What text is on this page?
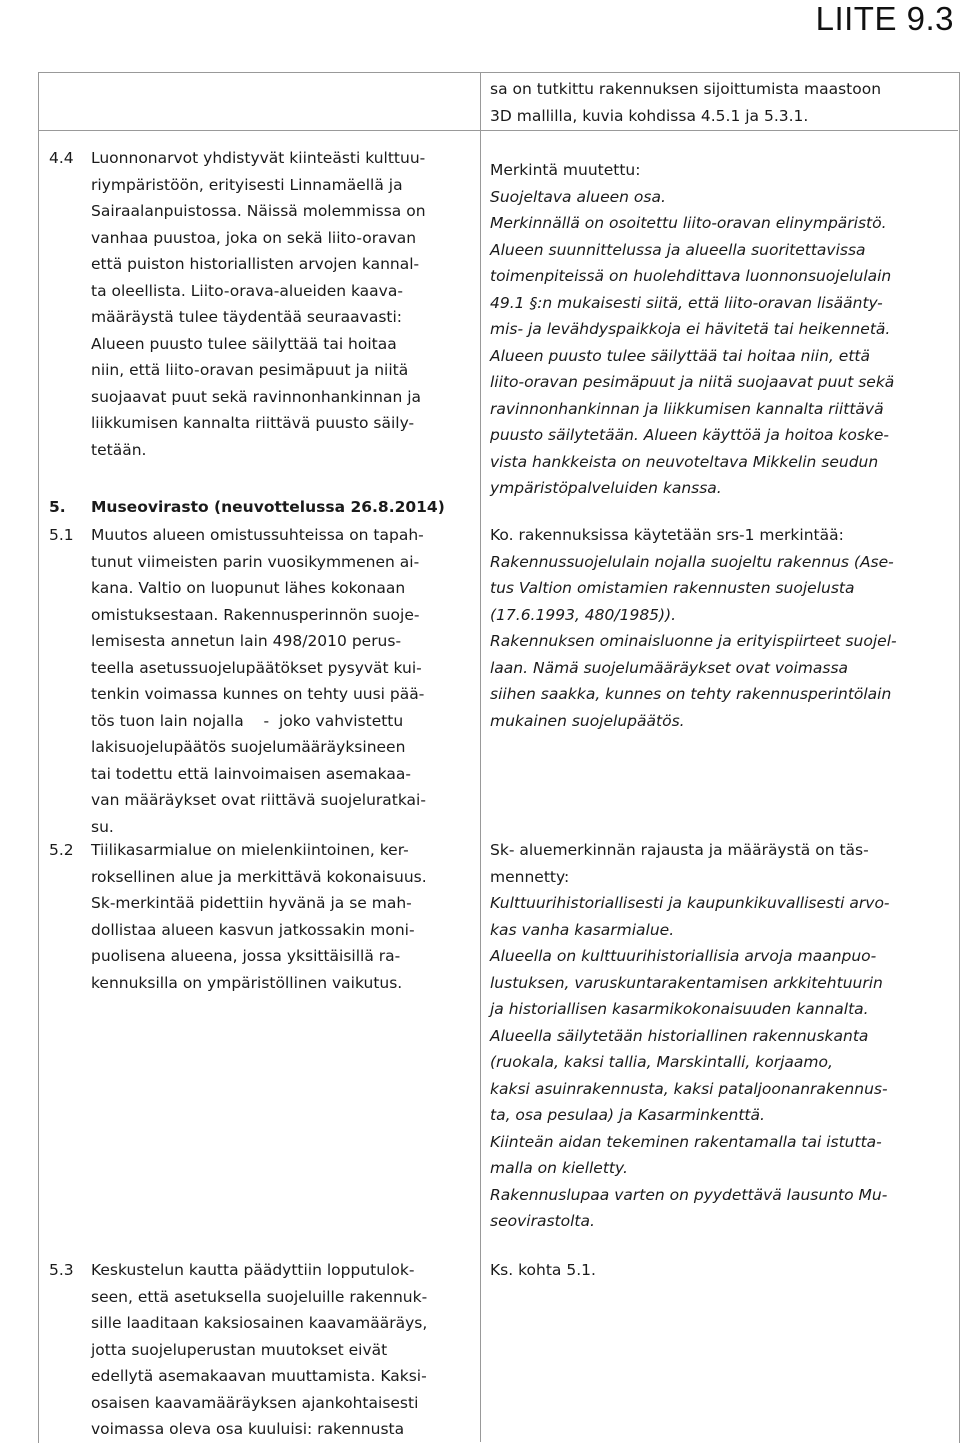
LIITE 9.3
sa on tutkittu rakennuksen sijoittumista maastoon
3D mallilla, kuvia kohdissa 4.5.1 ja 5.3.1.
4.4 Luonnonarvot yhdistyvät kiinteästi kulttuu-
riympäristöön, erityisesti Linnamäellä ja
Sairaalanpuistossa. Näissä molemmissa on
vanhaa puustoa, joka on sekä liito-oravan
että puiston historiallisten arvojen kannal-
ta oleellista. Liito-orava-alueiden kaava-
määräystä tulee täydentää seuraavasti:
Alueen puusto tulee säilyttää tai hoitaa
niin, että liito-oravan pesimäpuut ja niitä
suojaavat puut sekä ravinnonhankinnan ja
liikkumisen kannalta riittävä puusto säily-
tetään.
Merkintä muutettu:
Suojeltava alueen osa.
Merkinnällä on osoitettu liito-oravan elinympäristö.
Alueen suunnittelussa ja alueella suoritettavissa
toimenpiteissä on huolehdittava luonnonsuojelulain
49.1 §:n mukaisesti siitä, että liito-oravan lisäänty-
mis- ja levähdyspaikkoja ei hävitetä tai heikennetä.
Alueen puusto tulee säilyttää tai hoitaa niin, että
liito-oravan pesimäpuut ja niitä suojaavat puut sekä
ravinnonhankinnan ja liikkumisen kannalta riittävä
puusto säilytetään. Alueen käyttöä ja hoitoa koske-
vista hankkeista on neuvoteltava Mikkelin seudun
ympäristöpalveluiden kanssa.
5. Museovirasto (neuvottelussa 26.8.2014)
5.1 Muutos alueen omistussuhteissa on tapah-
tunut viimeisten parin vuosikymmenen ai-
kana. Valtio on luopunut lähes kokonaan
omistuksestaan. Rakennusperinnön suoje-
lemisesta annetun lain 498/2010 perus-
teella asetussuojelupäätökset pysyvät kui-
tenkin voimassa kunnes on tehty uusi pää-
tös tuon lain nojalla    -  joko vahvistettu
lakisuojelupäätös suojelumääräyksineen
tai todettu että lainvoimaisen asemakaa-
van määräykset ovat riittävä suojeluratkai-
su.
Ko. rakennuksissa käytetään srs-1 merkintää:
Rakennussuojelulain nojalla suojeltu rakennus (Ase-
tus Valtion omistamien rakennusten suojelusta
(17.6.1993, 480/1985)).
Rakennuksen ominaisluonne ja erityispiirteet suojel-
laan. Nämä suojelumääräykset ovat voimassa
siihen saakka, kunnes on tehty rakennusperintölain
mukainen suojelupäätös.
5.2 Tiilikasarmialue on mielenkiintoinen, ker-
roksellinen alue ja merkittävä kokonaisuus.
Sk-merkintää pidettiin hyvänä ja se mah-
dollistaa alueen kasvun jatkossakin moni-
puolisena alueena, jossa yksittäisillä ra-
kennuksilla on ympäristöllinen vaikutus.
Sk- aluemerkinnän rajausta ja määräystä on täs-
mennetty:
Kulttuurihistoriallisesti ja kaupunkikuvallisesti arvo-
kas vanha kasarmialue.
Alueella on kulttuurihistoriallisia arvoja maanpuo-
lustuksen, varuskuntarakentamisen arkkitehtuurin
ja historiallisen kasarmikokonaisuuden kannalta.
Alueella säilytetään historiallinen rakennuskanta
(ruokala, kaksi tallia, Marskintalli, korjaamo,
kaksi asuinrakennusta, kaksi pataljoonanrakennus-
ta, osa pesulaa) ja Kasarminkenttä.
Kiinteän aidan tekeminen rakentamalla tai istutta-
malla on kielletty.
Rakennuslupaa varten on pyydettävä lausunto Mu-
seovirastolta.
5.3 Keskustelun kautta päädyttiin lopputulok-
seen, että asetuksella suojeluille rakennuk-
sille laaditaan kaksiosainen kaavamääräys,
jotta suojeluperustan muutokset eivät
edellytä asemakaavan muuttamista. Kaksi-
osaisen kaavamääräyksen ajankohtaisesti
voimassa oleva osa kuuluisi: rakennusta
Ks. kohta 5.1.
